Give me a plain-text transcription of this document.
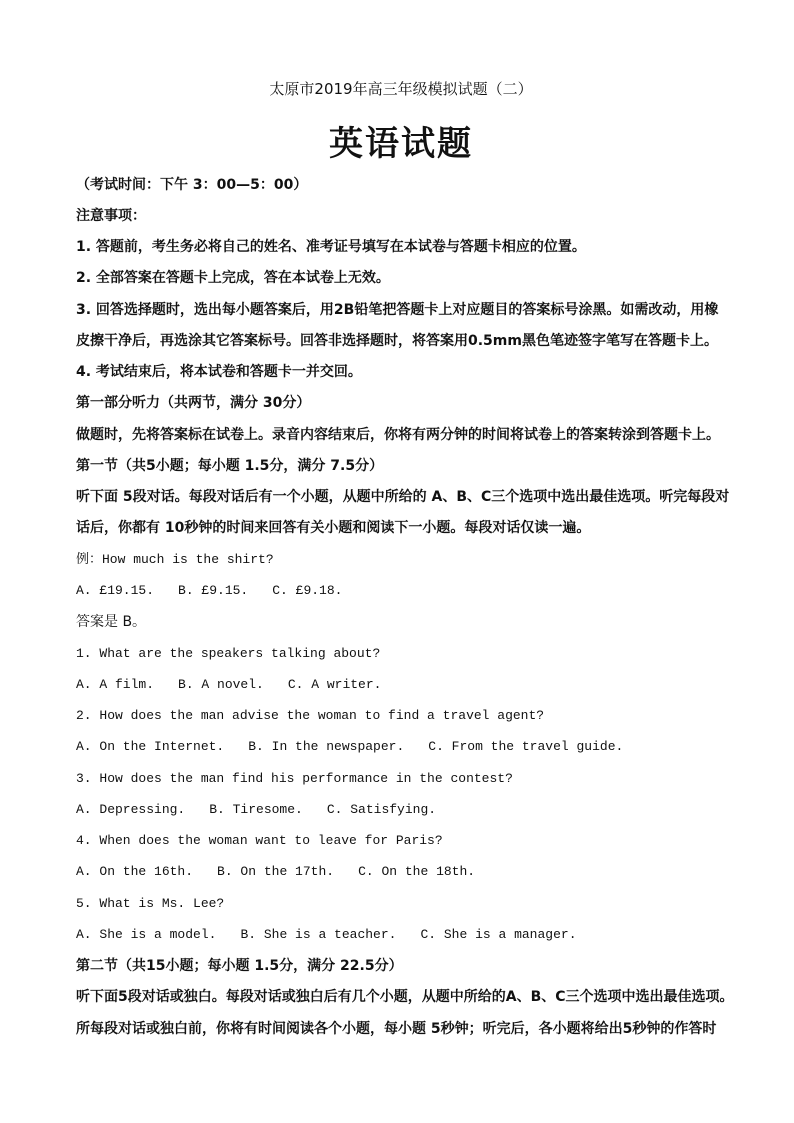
太原市2019年高三年级模拟试题（二）
英语试题
（考试时间：下午 3：00—5：00）
注意事项：
1. 答题前，考生务必将自己的姓名、准考证号填写在本试卷与答题卡相应的位置。
2. 全部答案在答题卡上完成，答在本试卷上无效。
3. 回答选择题时，选出每小题答案后，用2B铅笔把答题卡上对应题目的答案标号涂黑。如需改动，用橡
皮擦干净后，再选涂其它答案标号。回答非选择题时，将答案用0.5mm黑色笔迹签字笔写在答题卡上。
4. 考试结束后，将本试卷和答题卡一并交回。
第一部分听力（共两节，满分 30分）
做题时，先将答案标在试卷上。录音内容结束后，你将有两分钟的时间将试卷上的答案转涂到答题卡上。
第一节（共5小题；每小题 1.5分，满分 7.5分）
听下面 5段对话。每段对话后有一个小题，从题中所给的 A、B、C三个选项中选出最佳选项。听完每段对
话后，你都有 10秒钟的时间来回答有关小题和阅读下一小题。每段对话仅读一遍。
例：How much is the shirt?
A. £19.15. B. £9.15. C. £9.18.
答案是 B。
1. What are the speakers talking about?
A. A film. B. A novel. C. A writer.
2. How does the man advise the woman to find a travel agent?
A. On the Internet. B. In the newspaper. C. From the travel guide.
3. How does the man find his performance in the contest?
A. Depressing. B. Tiresome. C. Satisfying.
4. When does the woman want to leave for Paris?
A. On the 16th. B. On the 17th. C. On the 18th.
5. What is Ms. Lee?
A. She is a model. B. She is a teacher. C. She is a manager.
第二节（共15小题；每小题 1.5分，满分 22.5分）
听下面5段对话或独白。每段对话或独白后有几个小题，从题中所给的A、B、C三个选项中选出最佳选项。
所每段对话或独白前，你将有时间阅读各个小题，每小题 5秒钟；听完后，各小题将给出5秒钟的作答时
